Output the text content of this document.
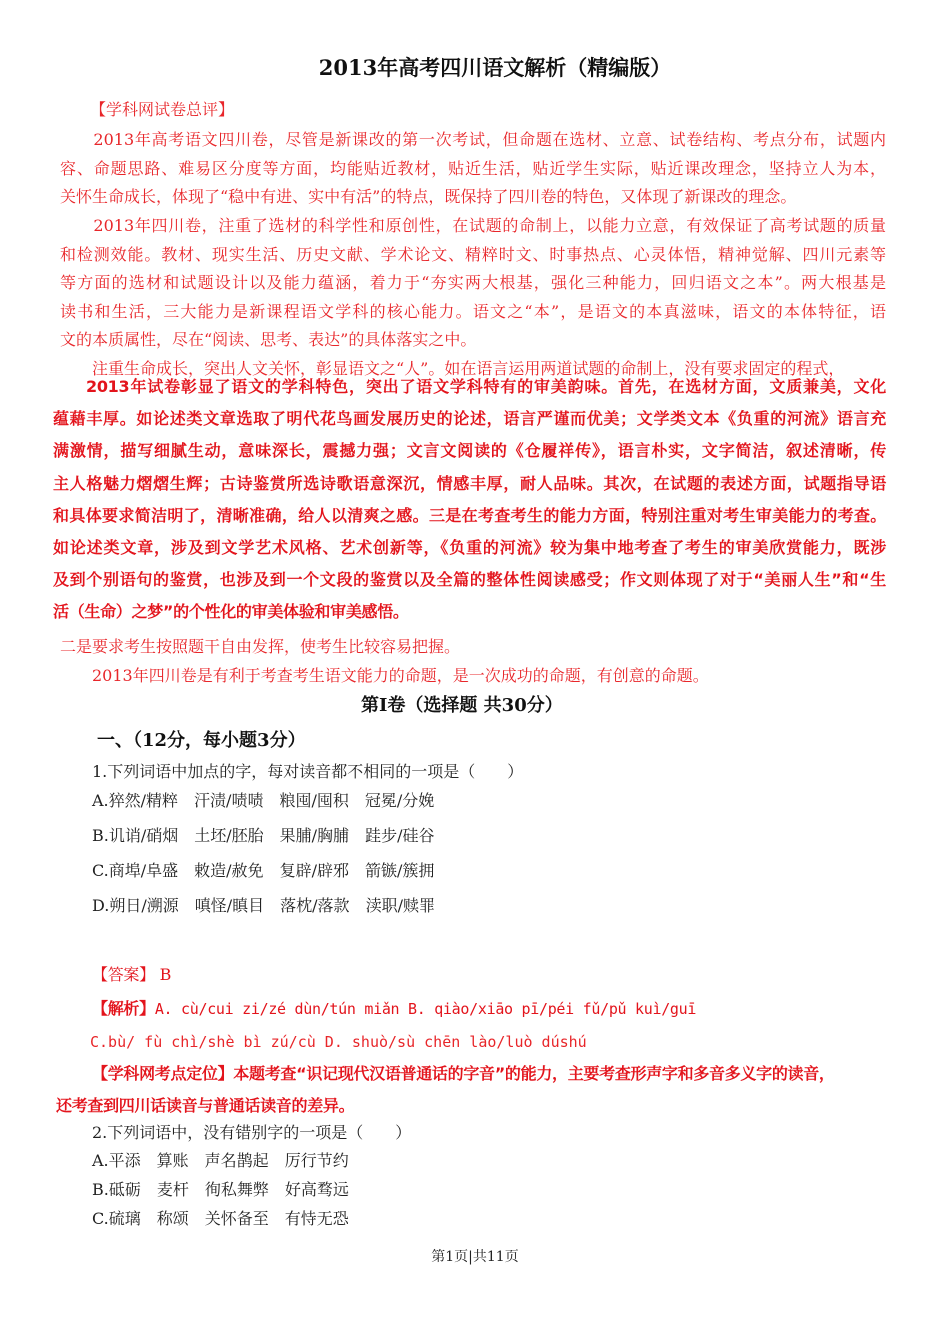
2013年高考四川语文解析（精编版）
【学科网试卷总评】
　　2013年高考语文四川卷，尽管是新课改的第一次考试，但命题在选材、立意、试卷结构、考点分布，试题内
容、命题思路、难易区分度等方面，均能贴近教材，贴近生活，贴近学生实际，贴近课改理念，坚持立人为本，
关怀生命成长，体现了“稳中有进、实中有活”的特点，既保持了四川卷的特色，又体现了新课改的理念。
　　2013年四川卷，注重了选材的科学性和原创性，在试题的命制上，以能力立意，有效保证了高考试题的质量
和检测效能。教材、现实生活、历史文献、学术论文、精粹时文、时事热点、心灵体悟，精神觉解、四川元素等
等方面的选材和试题设计以及能力蕴涵，着力于“夯实两大根基，强化三种能力，回归语文之本”。两大根基是
读书和生活，三大能力是新课程语文学科的核心能力。语文之“本”，是语文的本真滋味，语文的本体特征，语
文的本质属性，尽在“阅读、思考、表达”的具体落实之中。
　　注重生命成长，突出人文关怀，彰显语文之“人”。如在语言运用两道试题的命制上，没有要求固定的程式，
2013年试卷彰显了语文的学科特色，突出了语文学科特有的审美韵味。首先，在选材方面，文质兼美，文化
蕴藉丰厚。如论述类文章选取了明代花鸟画发展历史的论述，语言严谨而优美；文学类文本《负重的河流》语言充
满激情，描写细腻生动，意味深长，震撼力强；文言文阅读的《仓履祥传》，语言朴实，文字简洁，叙述清晰，传
主人格魅力熠熠生辉；古诗鉴赏所选诗歌语意深沉，情感丰厚，耐人品味。其次，在试题的表述方面，试题指导语
和具体要求简洁明了，清晰准确，给人以清爽之感。三是在考查考生的能力方面，特别注重对考生审美能力的考查。
如论述类文章，涉及到文学艺术风格、艺术创新等，《负重的河流》较为集中地考查了考生的审美欣赏能力，既涉
及到个别语句的鉴赏，也涉及到一个文段的鉴赏以及全篇的整体性阅读感受；作文则体现了对于“美丽人生”和“生
活（生命）之梦”的个性化的审美体验和审美感悟。
二是要求考生按照题干自由发挥，使考生比较容易把握。
　　2013年四川卷是有利于考查考生语文能力的命题，是一次成功的命题，有创意的命题。
第Ⅰ卷（选择题 共30分）
一、（12分，每小题3分）
1.下列词语中加点的字，每对读音都不相同的一项是（　　）
A.猝然/精粹 汗渍/啧啧 粮囤/囤积 冠冕/分娩
B.讥诮/硝烟 土坯/胚胎 果脯/胸脯 跬步/硅谷
C.商埠/阜盛 敕造/赦免 复辟/辟邪 箭镞/簇拥
D.朔日/溯源 嗔怪/瞋目 落枕/落款 渎职/赎罪
【答案】 B
【解析】A. cù/cui zi/zé dùn/tún miǎn B. qiào/xiāo pī/péi fǔ/pǔ kuì/guī
C.bù/ fù chì/shè bì zú/cù D. shuò/sù chēn lào/luò dúshú
【学科网考点定位】本题考查“识记现代汉语普通话的字音”的能力，主要考查形声字和多音多义字的读音，
还考查到四川话读音与普通话读音的差异。
2.下列词语中，没有错别字的一项是（　　）
A.平添 算账 声名鹊起 厉行节约
B.砥砺 麦杆 徇私舞弊 好高骛远
C.硫璃 称颂 关怀备至 有恃无恐
第1页|共11页
